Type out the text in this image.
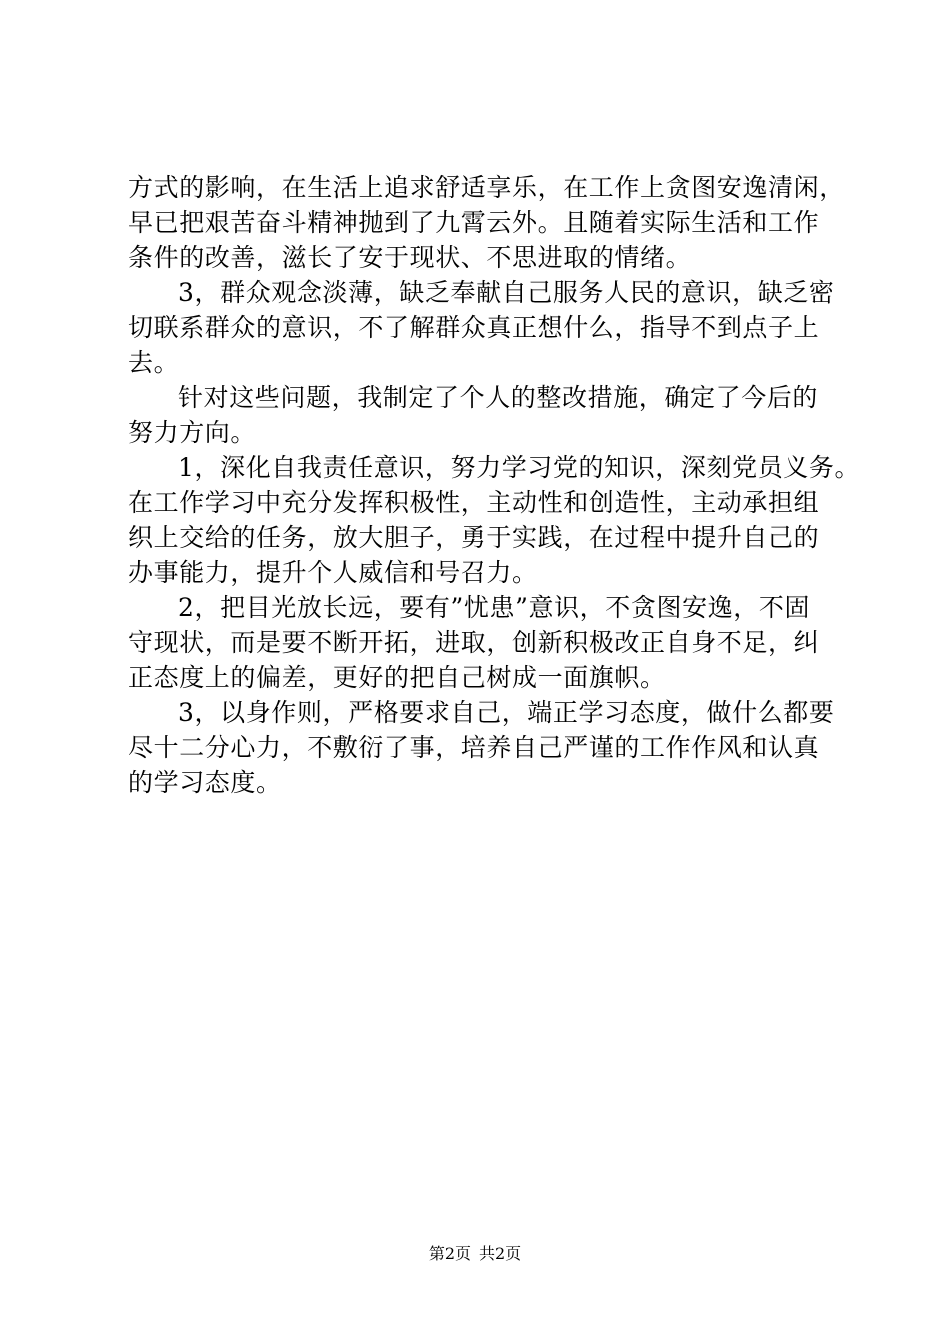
方式的影响，在生活上追求舒适享乐，在工作上贪图安逸清闲，
早已把艰苦奋斗精神抛到了九霄云外。且随着实际生活和工作
条件的改善，滋长了安于现状、不思进取的情绪。
3，群众观念淡薄，缺乏奉献自己服务人民的意识，缺乏密
切联系群众的意识，不了解群众真正想什么，指导不到点子上
去。
针对这些问题，我制定了个人的整改措施，确定了今后的
努力方向。
1，深化自我责任意识，努力学习党的知识，深刻党员义务。
在工作学习中充分发挥积极性，主动性和创造性，主动承担组
织上交给的任务，放大胆子，勇于实践，在过程中提升自己的
办事能力，提升个人威信和号召力。
2，把目光放长远，要有”忧患”意识，不贪图安逸，不固
守现状，而是要不断开拓，进取，创新积极改正自身不足，纠
正态度上的偏差，更好的把自己树成一面旗帜。
3，以身作则，严格要求自己，端正学习态度，做什么都要
尽十二分心力，不敷衍了事，培养自己严谨的工作作风和认真
的学习态度。
第2页 共2页
